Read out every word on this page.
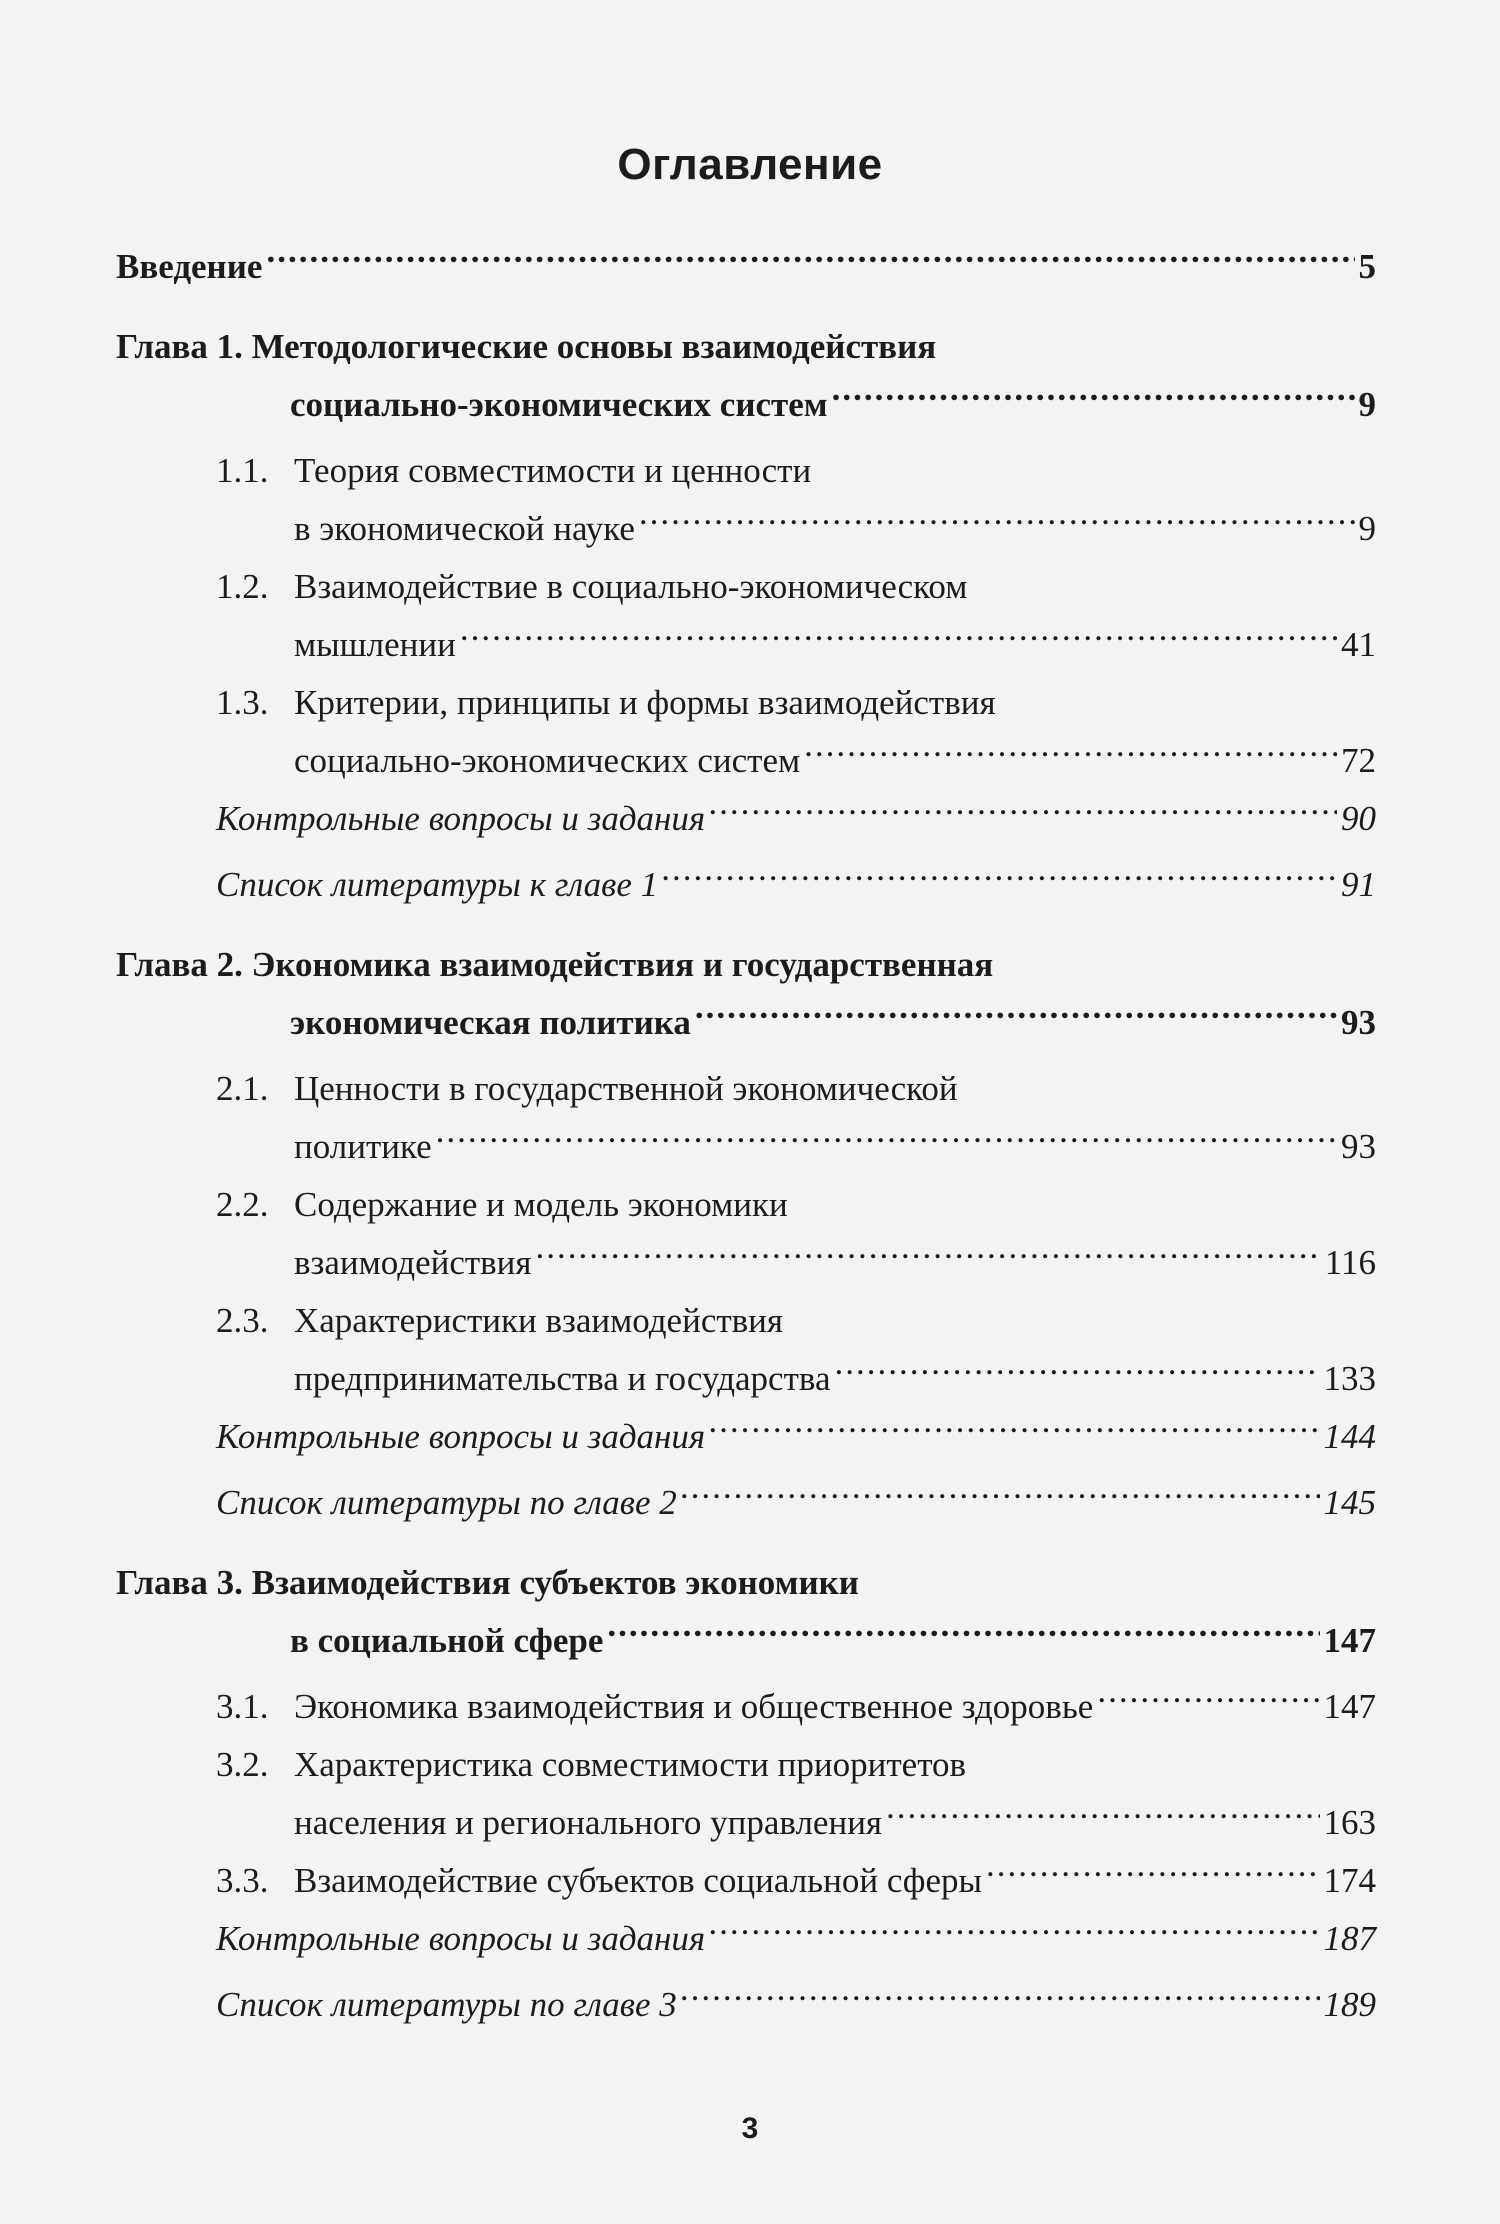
Оглавление
Введение .....	5
Глава 1. Методологические основы взаимодействия
социально-экономических систем .....	9
1.1. Теория совместимости и ценности
в экономической науке .....	9
1.2. Взаимодействие в социально-экономическом
мышлении .....	41
1.3. Критерии, принципы и формы взаимодействия
социально-экономических систем .....	72
Контрольные вопросы и задания .....	90
Список литературы к главе 1 .....	91
Глава 2. Экономика взаимодействия и государственная
экономическая политика .....	93
2.1. Ценности в государственной экономической
политике .....	93
2.2. Содержание и модель экономики
взаимодействия .....	116
2.3. Характеристики взаимодействия
предпринимательства и государства .....	133
Контрольные вопросы и задания .....	144
Список литературы по главе 2 .....	145
Глава 3. Взаимодействия субъектов экономики
в социальной сфере .....	147
3.1. Экономика взаимодействия и общественное здоровье .....	147
3.2. Характеристика совместимости приоритетов
населения и регионального управления .....	163
3.3. Взаимодействие субъектов социальной сферы .....	174
Контрольные вопросы и задания .....	187
Список литературы по главе 3 .....	189
3
